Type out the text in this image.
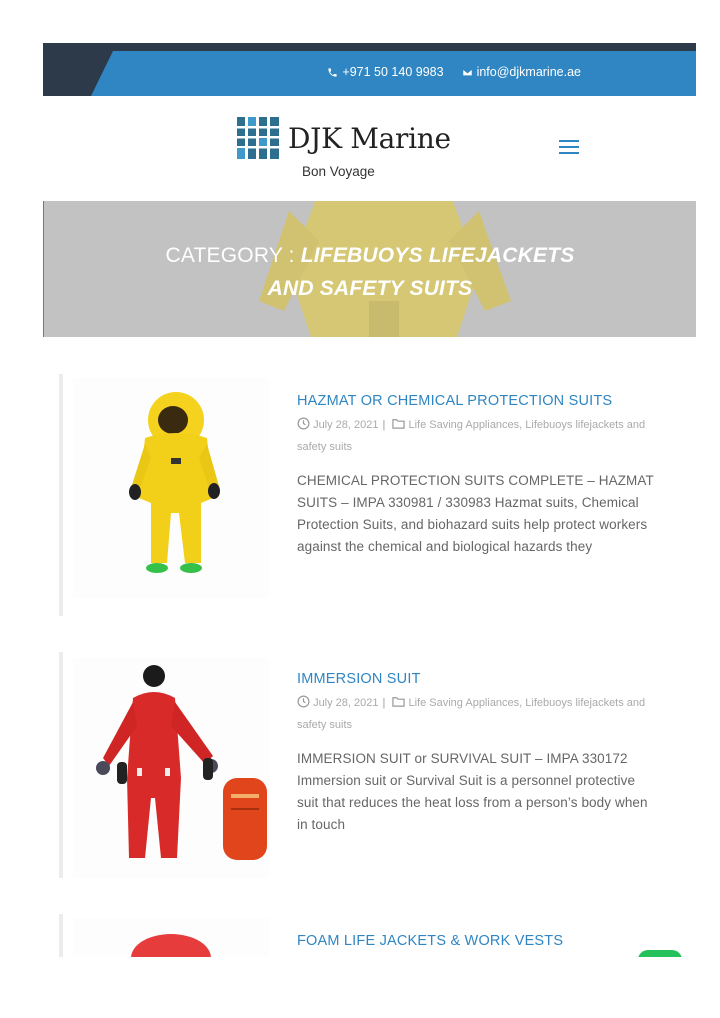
+971 50 140 9983	info@djkmarine.ae
DJK Marine
Bon Voyage
CATEGORY : LIFEBUOYS LIFEJACKETS
AND SAFETY SUITS
HAZMAT OR CHEMICAL PROTECTION SUITS
July 28, 2021 | Life Saving Appliances, Lifebuoys lifejackets and safety suits
CHEMICAL PROTECTION SUITS COMPLETE – HAZMAT SUITS – IMPA 330981 / 330983 Hazmat suits, Chemical Protection Suits, and biohazard suits help protect workers against the chemical and biological hazards they
IMMERSION SUIT
July 28, 2021 | Life Saving Appliances, Lifebuoys lifejackets and safety suits
IMMERSION SUIT or SURVIVAL SUIT – IMPA 330172 Immersion suit or Survival Suit is a personnel protective suit that reduces the heat loss from a person’s body when in touch
FOAM LIFE JACKETS & WORK VESTS
